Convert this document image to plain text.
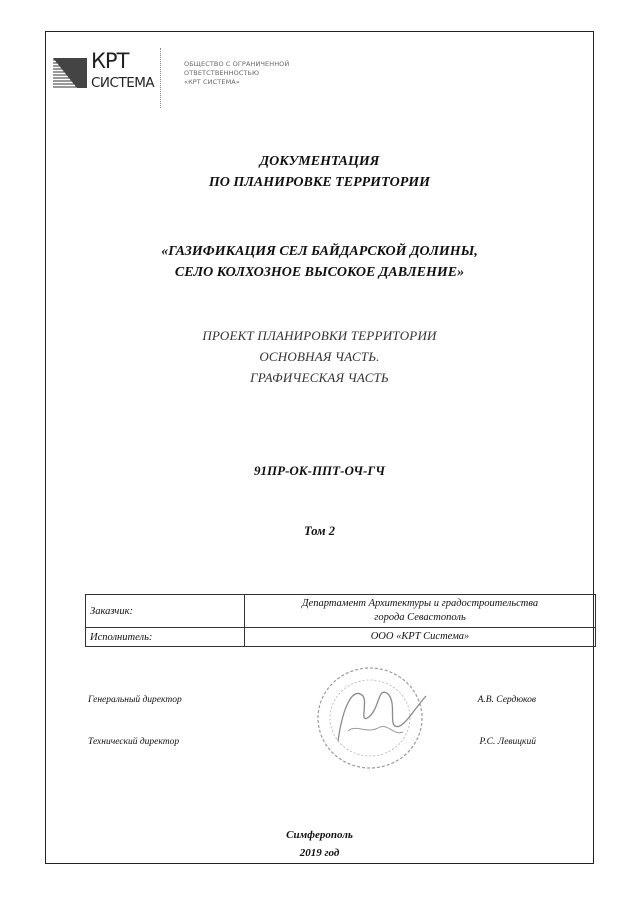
КРТ
СИСТЕМА
ОБЩЕСТВО С ОГРАНИЧЕННОЙ
ОТВЕТСТВЕННОСТЬЮ
«КРТ СИСТЕМА»
ДОКУМЕНТАЦИЯ
ПО ПЛАНИРОВКЕ ТЕРРИТОРИИ
«ГАЗИФИКАЦИЯ СЕЛ БАЙДАРСКОЙ ДОЛИНЫ,
СЕЛО КОЛХОЗНОЕ ВЫСОКОЕ ДАВЛЕНИЕ»
ПРОЕКТ ПЛАНИРОВКИ ТЕРРИТОРИИ
ОСНОВНАЯ ЧАСТЬ.
ГРАФИЧЕСКАЯ ЧАСТЬ
91ПР-ОК-ППТ-ОЧ-ГЧ
Том 2
Заказчик:	Департамент Архитектуры и градостроительства
города Севастополь

Исполнитель:	ООО «КРТ Система»
Генеральный директор	А.В. Сердюков
Технический директор	Р.С. Левицкий
Симферополь
2019 год
